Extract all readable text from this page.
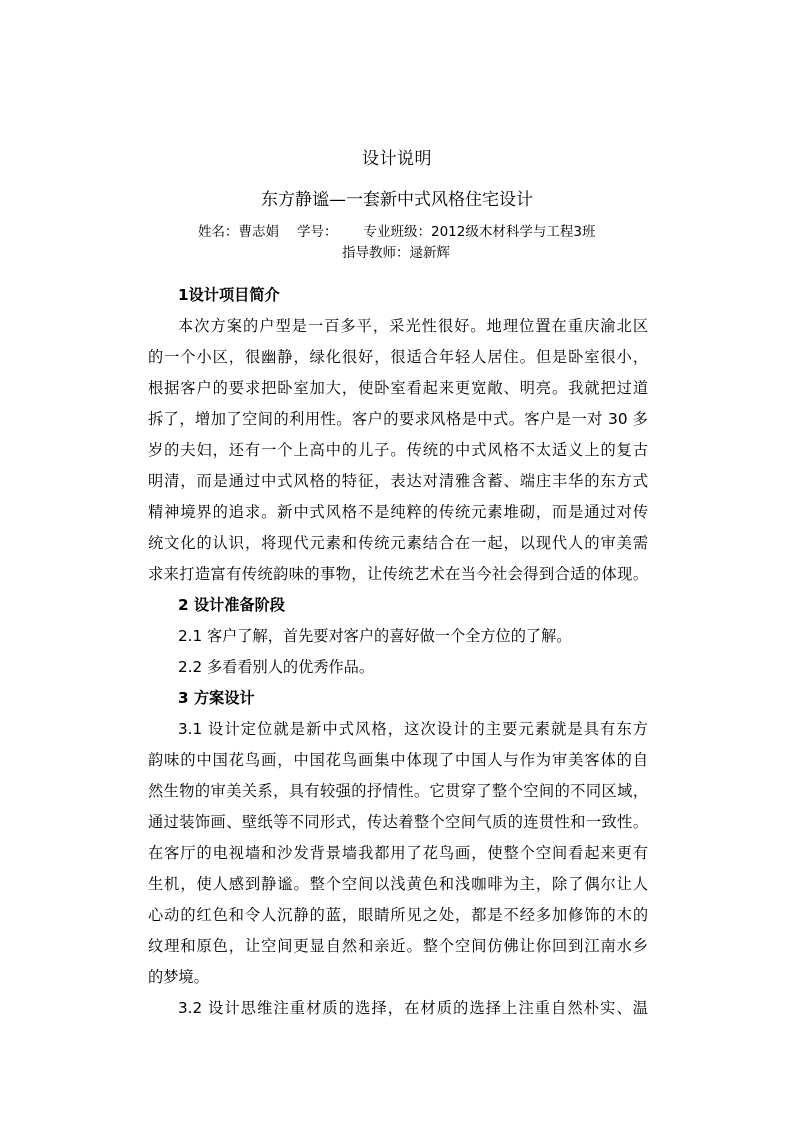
设计说明
东方静谧—一套新中式风格住宅设计
姓名：曹志娟 学号： 专业班级：2012级木材科学与工程3班
指导教师：逯新辉
1设计项目简介
本次方案的户型是一百多平，采光性很好。地理位置在重庆渝北区
的一个小区，很幽静，绿化很好，很适合年轻人居住。但是卧室很小，
根据客户的要求把卧室加大，使卧室看起来更宽敞、明亮。我就把过道
拆了，增加了空间的利用性。客户的要求风格是中式。客户是一对 30 多
岁的夫妇，还有一个上高中的儿子。传统的中式风格不太适义上的复古
明清，而是通过中式风格的特征，表达对清雅含蓄、端庄丰华的东方式
精神境界的追求。新中式风格不是纯粹的传统元素堆砌，而是通过对传
统文化的认识，将现代元素和传统元素结合在一起，以现代人的审美需
求来打造富有传统韵味的事物，让传统艺术在当今社会得到合适的体现。
2 设计准备阶段
2.1 客户了解，首先要对客户的喜好做一个全方位的了解。
2.2 多看看别人的优秀作品。
3 方案设计
3.1 设计定位就是新中式风格，这次设计的主要元素就是具有东方
韵味的中国花鸟画，中国花鸟画集中体现了中国人与作为审美客体的自
然生物的审美关系，具有较强的抒情性。它贯穿了整个空间的不同区域，
通过装饰画、壁纸等不同形式，传达着整个空间气质的连贯性和一致性。
在客厅的电视墙和沙发背景墙我都用了花鸟画，使整个空间看起来更有
生机，使人感到静谧。整个空间以浅黄色和浅咖啡为主，除了偶尔让人
心动的红色和令人沉静的蓝，眼睛所见之处，都是不经多加修饰的木的
纹理和原色，让空间更显自然和亲近。整个空间仿佛让你回到江南水乡
的梦境。
3.2 设计思维注重材质的选择，在材质的选择上注重自然朴实、温
